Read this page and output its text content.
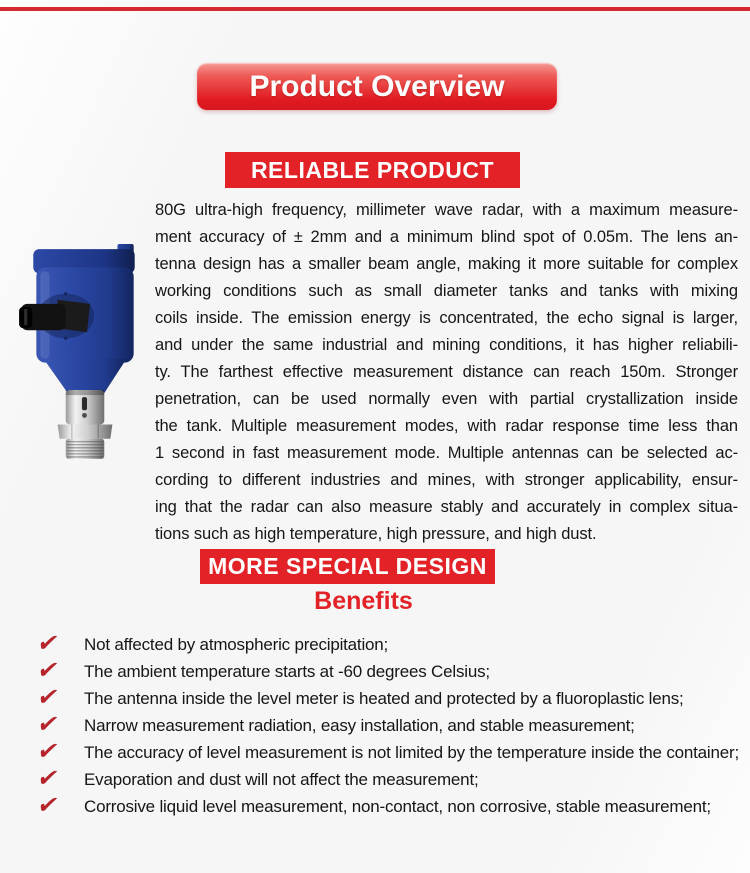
Product Overview
RELIABLE PRODUCT
80G ultra-high frequency, millimeter wave radar, with a maximum measure-
ment accuracy of ± 2mm and a minimum blind spot of 0.05m. The lens an-
tenna design has a smaller beam angle, making it more suitable for complex
working conditions such as small diameter tanks and tanks with mixing
coils inside. The emission energy is concentrated, the echo signal is larger,
and under the same industrial and mining conditions, it has higher reliabili-
ty. The farthest effective measurement distance can reach 150m. Stronger
penetration, can be used normally even with partial crystallization inside
the tank. Multiple measurement modes, with radar response time less than
1 second in fast measurement mode. Multiple antennas can be selected ac-
cording to different industries and mines, with stronger applicability, ensur-
ing that the radar can also measure stably and accurately in complex situa-
tions such as high temperature, high pressure, and high dust.
MORE SPECIAL DESIGN
Benefits
✔	Not affected by atmospheric precipitation;
✔	The ambient temperature starts at -60 degrees Celsius;
✔	The antenna inside the level meter is heated and protected by a fluoroplastic lens;
✔	Narrow measurement radiation, easy installation, and stable measurement;
✔	The accuracy of level measurement is not limited by the temperature inside the container;
✔	Evaporation and dust will not affect the measurement;
✔	Corrosive liquid level measurement, non-contact, non corrosive, stable measurement;
